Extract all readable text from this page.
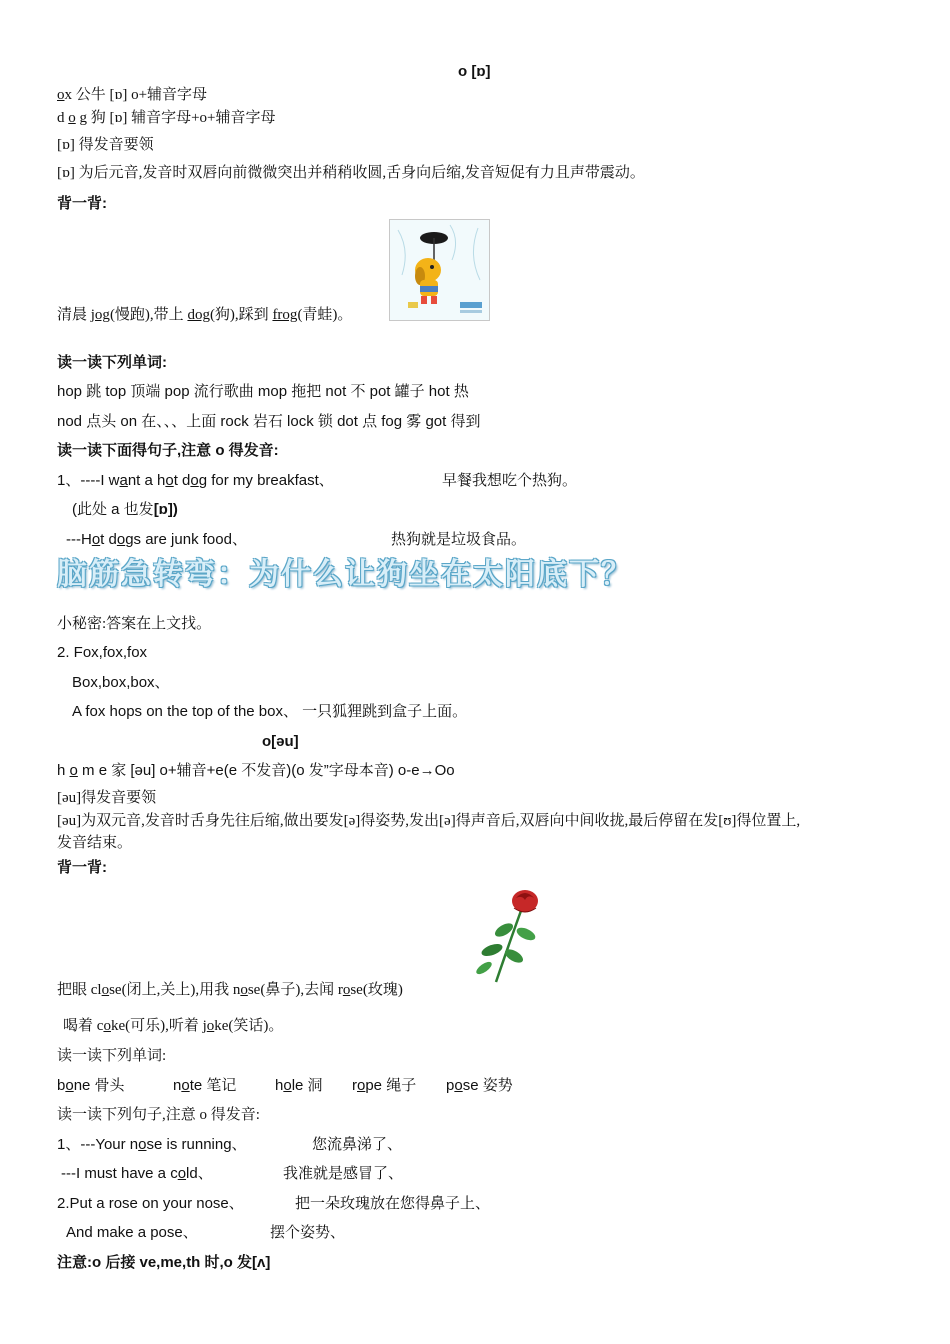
o [ɒ]
ox 公牛 [ɒ] o+辅音字母
d o g 狗 [ɒ] 辅音字母+o+辅音字母
[ɒ] 得发音要领
[ɒ] 为后元音,发音时双唇向前微微突出并稍稍收圆,舌身向后缩,发音短促有力且声带震动。
背一背:
清晨 jog(慢跑),带上 dog(狗),踩到 frog(青蛙)。
读一读下列单词:
hop 跳 top 顶端 pop 流行歌曲 mop 拖把 not 不 pot 罐子 hot 热
nod 点头 on 在、、、上面 rock 岩石 lock 锁 dot 点 fog 雾 got 得到
读一读下面得句子,注意 o 得发音:
1、----I want a hot dog for my breakfast、	早餐我想吃个热狗。
(此处 a 也发[ɒ])
---Hot dogs are junk food、	热狗就是垃圾食品。
脑筋急转弯：为什么让狗坐在太阳底下？
小秘密:答案在上文找。
2. Fox,fox,fox
Box,box,box、
A fox hops on the top of the box、 一只狐狸跳到盒子上面。
o[əu]
h o m e 家 [əu] o+辅音+e(e 不发音)(o 发”字母本音) o-e→Oo
[əu]得发音要领
[əu]为双元音,发音时舌身先往后缩,做出要发[ə]得姿势,发出[ə]得声音后,双唇向中间收拢,最后停留在发[ʊ]得位置上,
发音结束。
背一背:
把眼 close(闭上,关上),用我 nose(鼻子),去闻 rose(玫瑰)
喝着 coke(可乐),听着 joke(笑话)。
读一读下列单词:
bone 骨头	note 笔记	hole 洞 rope 绳子 pose 姿势
读一读下列句子,注意 o 得发音:
1、---Your nose is running、	您流鼻涕了、
---I must have a cold、	我准就是感冒了、
2.Put a rose on your nose、	把一朵玫瑰放在您得鼻子上、
And make a pose、	摆个姿势、
注意:o 后接 ve,me,th 时,o 发[ʌ]
